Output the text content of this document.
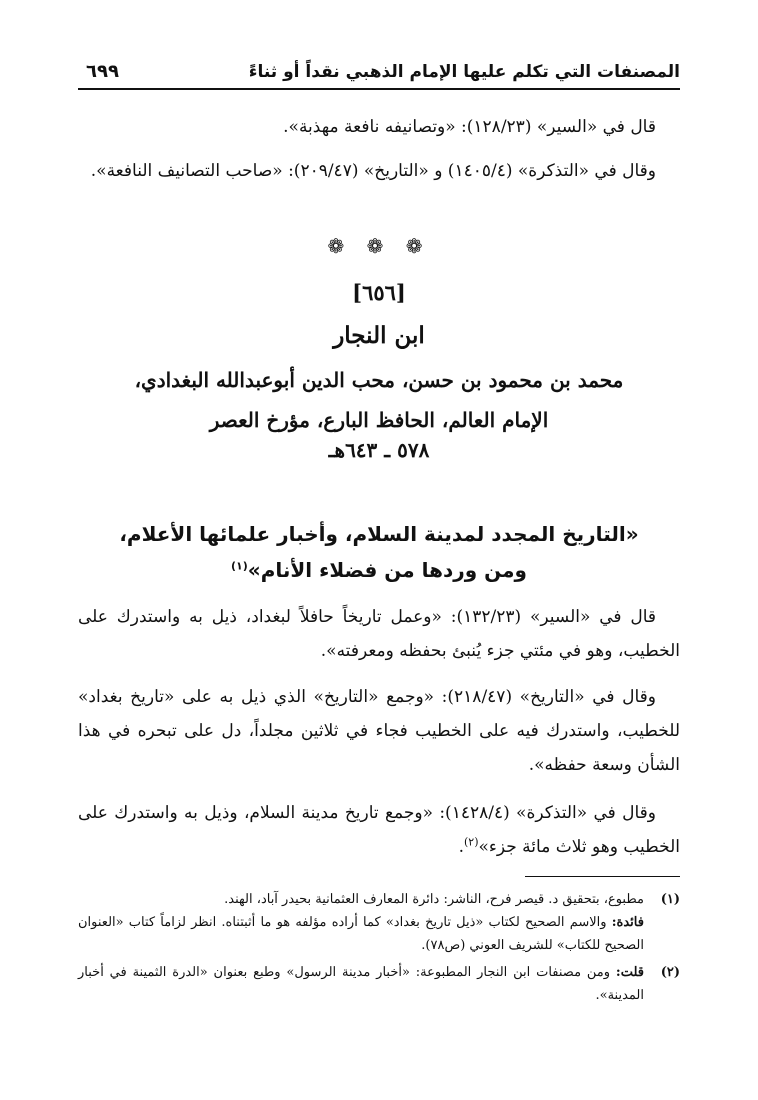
المصنفات التي تكلم عليها الإمام الذهبي نقداً أو ثناءً
٦٩٩

قال في «السير» (١٢٨/٢٣): «وتصانيفه نافعة مهذبة».

وقال في «التذكرة» (١٤٠٥/٤) و «التاريخ» (٢٠٩/٤٧): «صاحب التصانيف النافعة».

❁ ❁ ❁
[٦٥٦]
ابن النجار
محمد بن محمود بن حسن، محب الدين أبوعبدالله البغدادي،
الإمام العالم، الحافظ البارع، مؤرخ العصر
٥٧٨ ـ ٦٤٣هـ
«التاريخ المجدد لمدينة السلام، وأخبار علمائها الأعلام،
ومن وردها من فضلاء الأنام»$^{(١)}$

قال في «السير» (١٣٢/٢٣): «وعمل تاريخاً حافلاً لبغداد، ذيل به واستدرك على الخطيب، وهو في مئتي جزء يُنبئ بحفظه ومعرفته».

وقال في «التاريخ» (٢١٨/٤٧): «وجمع «التاريخ» الذي ذيل به على «تاريخ بغداد» للخطيب، واستدرك فيه على الخطيب فجاء في ثلاثين مجلداً، دل على تبحره في هذا الشأن وسعة حفظه».

وقال في «التذكرة» (١٤٢٨/٤): «وجمع تاريخ مدينة السلام، وذيل به واستدرك على الخطيب وهو ثلاث مائة جزء»$^{(٢)}$.

(١)
مطبوع، بتحقيق د. قيصر فرح، الناشر: دائرة المعارف العثمانية بحيدر آباد، الهند.
فائدة: والاسم الصحيح لكتاب «ذيل تاريخ بغداد» كما أراده مؤلفه هو ما أثبتناه. انظر لزاماً كتاب «العنوان الصحيح للكتاب» للشريف العوني (ص٧٨).
(٢)
قلت: ومن مصنفات ابن النجار المطبوعة: «أخبار مدينة الرسول» وطبع بعنوان «الدرة الثمينة في أخبار المدينة».
